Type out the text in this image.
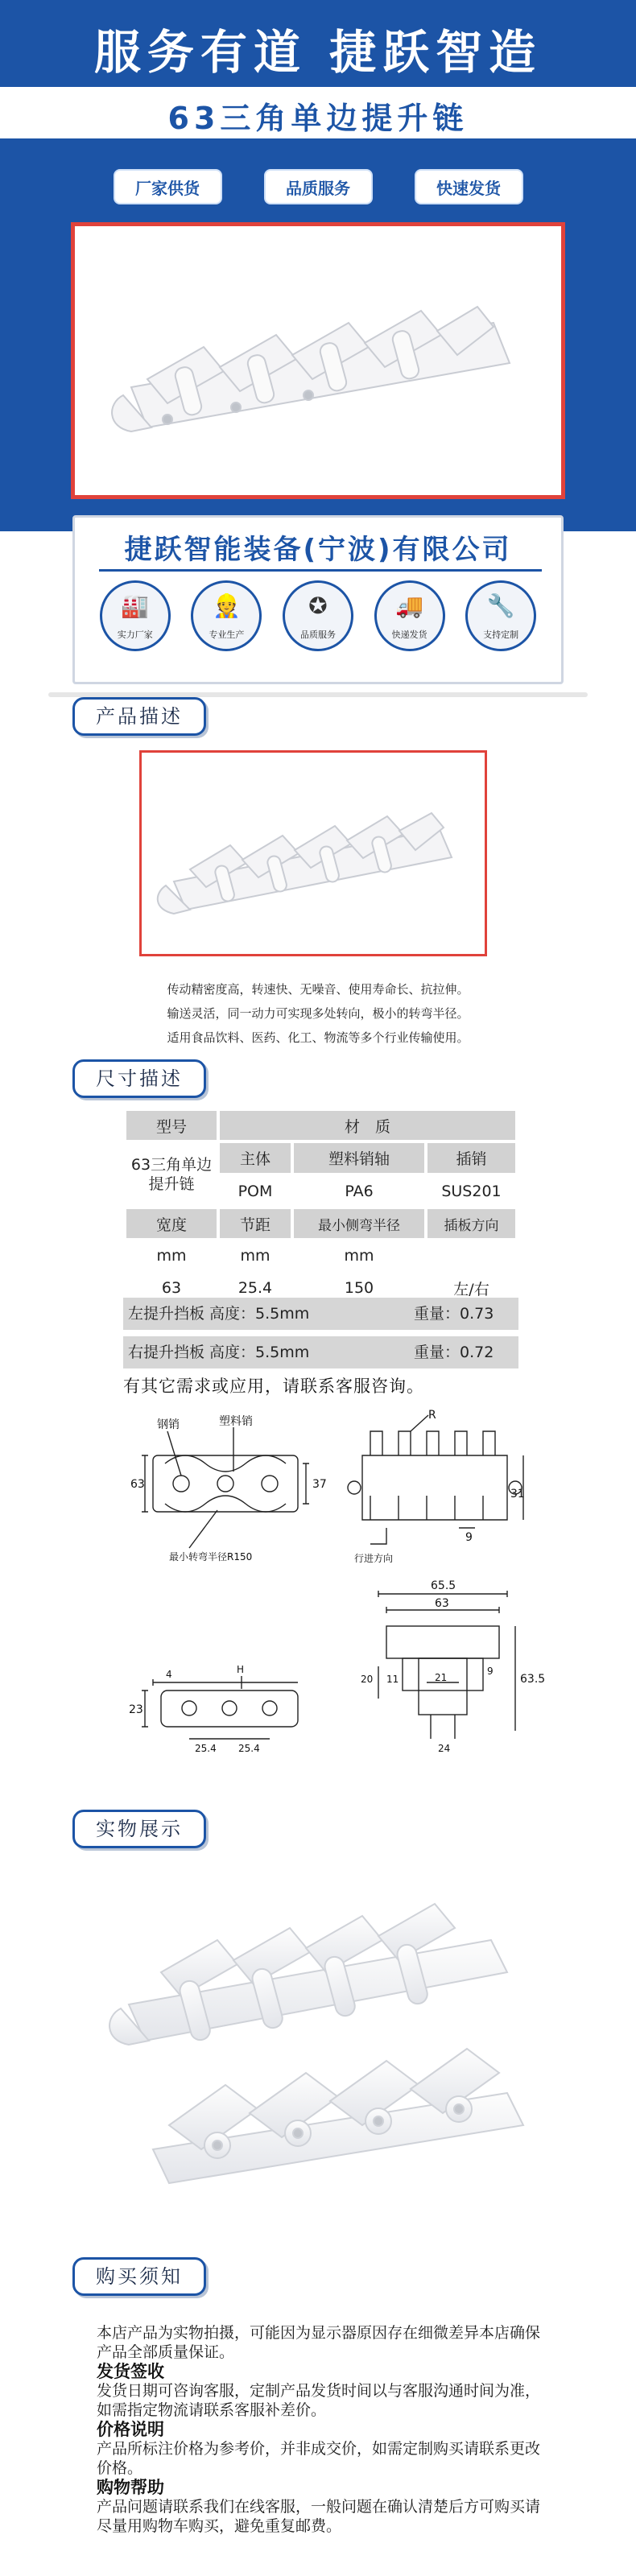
服务有道 捷跃智造
63三角单边提升链
厂家供货	品质服务	快速发货
捷跃智能装备(宁波)有限公司
🏭
实力厂家
👷
专业生产
✪
品质服务
🚚
快递发货
🔧
支持定制
产品描述

传动精密度高，转速快、无噪音、使用寿命长、抗拉伸。

输送灵活，同一动力可实现多处转向，极小的转弯半径。

适用食品饮料、医药、化工、物流等多个行业传输使用。

尺寸描述
型号	材　质		
63三角单边提升链	主体	塑料销轴	插销
	POM	PA6	SUS201
宽度	节距	最小侧弯半径	插板方向
mm	mm	mm	
63	25.4	150	左/右
左提升挡板 高度：5.5mm	重量：0.73
右提升挡板 高度：5.5mm	重量：0.72
有其它需求或应用，请联系客服咨询。
钢销	塑料销
63	37
最小转弯半径R150
R
31
9
行进方向
65.5
63
21
20 11
9
63.5
24
4	H
23
25.4 25.4
实物展示
购买须知

本店产品为实物拍摄，可能因为显示器原因存在细微差异本店确保产品全部质量保证。

发货签收

发货日期可咨询客服，定制产品发货时间以与客服沟通时间为准，如需指定物流请联系客服补差价。

价格说明

产品所标注价格为参考价，并非成交价，如需定制购买请联系更改价格。

购物帮助

产品问题请联系我们在线客服，一般问题在确认清楚后方可购买请尽量用购物车购买，避免重复邮费。
